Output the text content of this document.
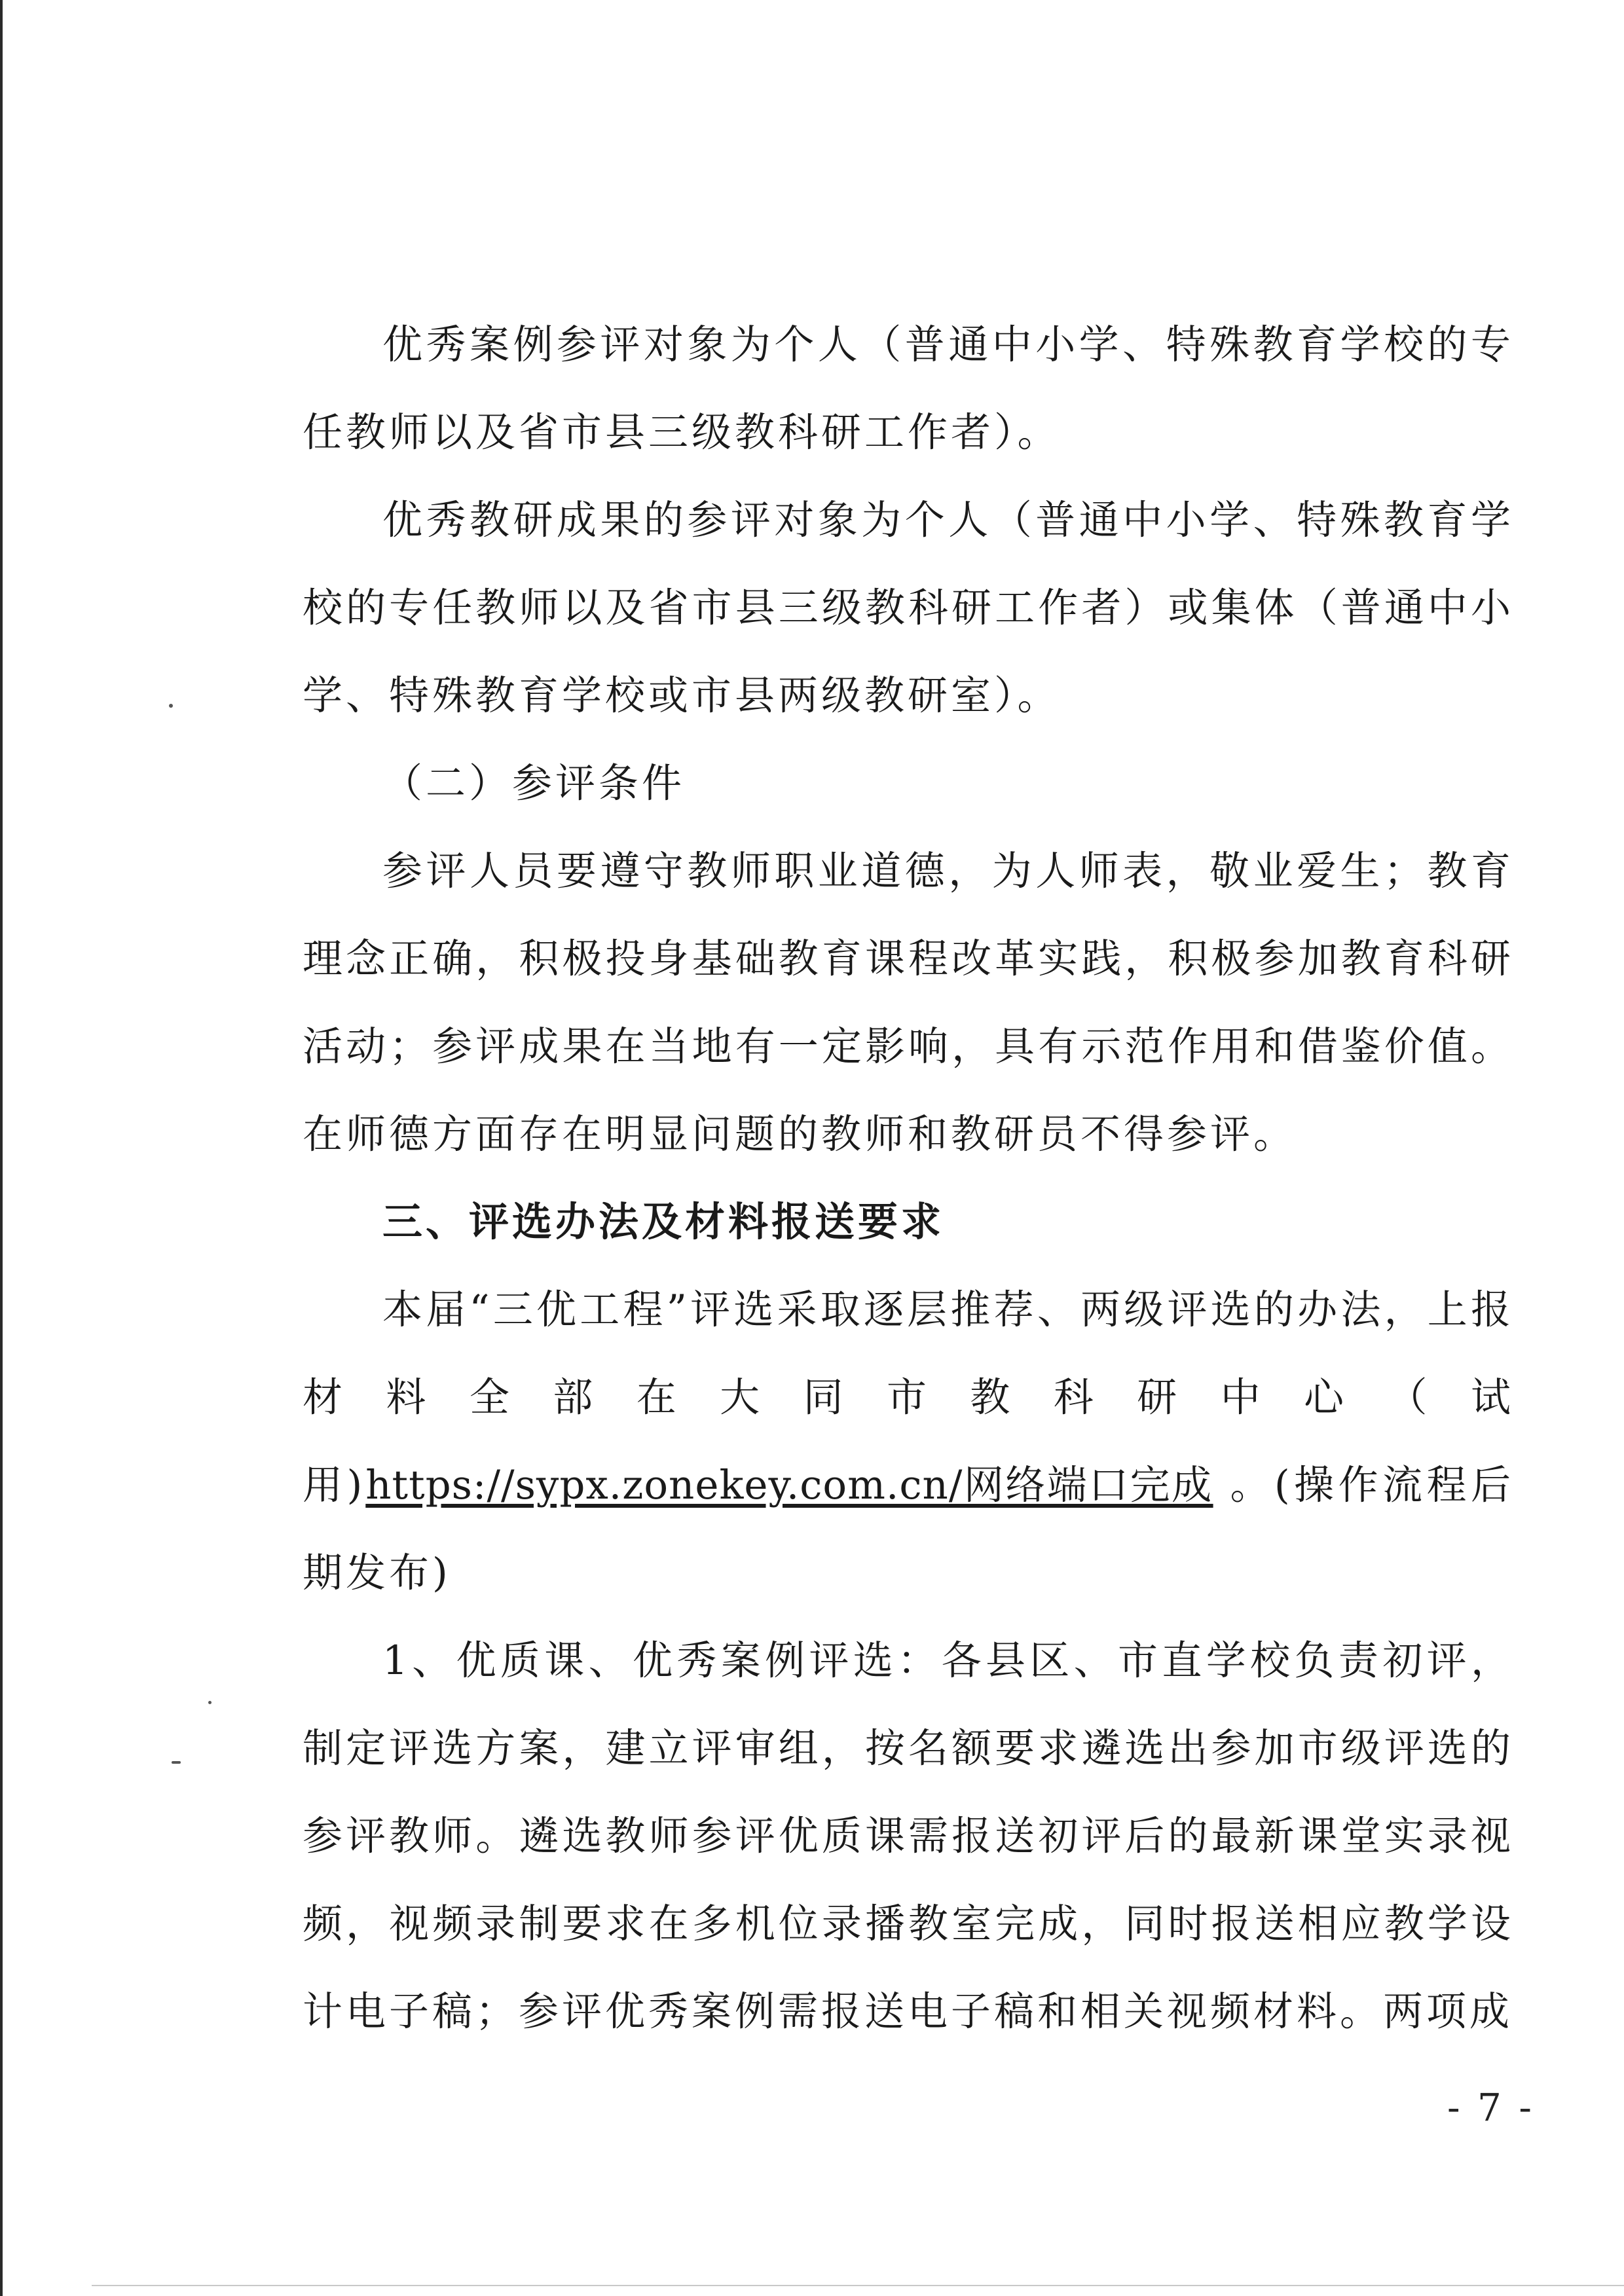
优秀案例参评对象为个人（普通中小学、特殊教育学校的专任教师以及省市县三级教科研工作者）。

优秀教研成果的参评对象为个人（普通中小学、特殊教育学校的专任教师以及省市县三级教科研工作者）或集体（普通中小学、特殊教育学校或市县两级教研室）。

（二）参评条件

参评人员要遵守教师职业道德，为人师表，敬业爱生；教育理念正确，积极投身基础教育课程改革实践，积极参加教育科研活动；参评成果在当地有一定影响，具有示范作用和借鉴价值。在师德方面存在明显问题的教师和教研员不得参评。

三、评选办法及材料报送要求

本届“三优工程”评选采取逐层推荐、两级评选的办法，上报材料全部在大同市教科研中心（试

用)https://sypx.zonekey.com.cn/网络端口完成 。(操作流程后期发布)

1、优质课、优秀案例评选：各县区、市直学校负责初评，制定评选方案，建立评审组，按名额要求遴选出参加市级评选的参评教师。遴选教师参评优质课需报送初评后的最新课堂实录视频，视频录制要求在多机位录播教室完成，同时报送相应教学设计电子稿；参评优秀案例需报送电子稿和相关视频材料。两项成

- 7 -
